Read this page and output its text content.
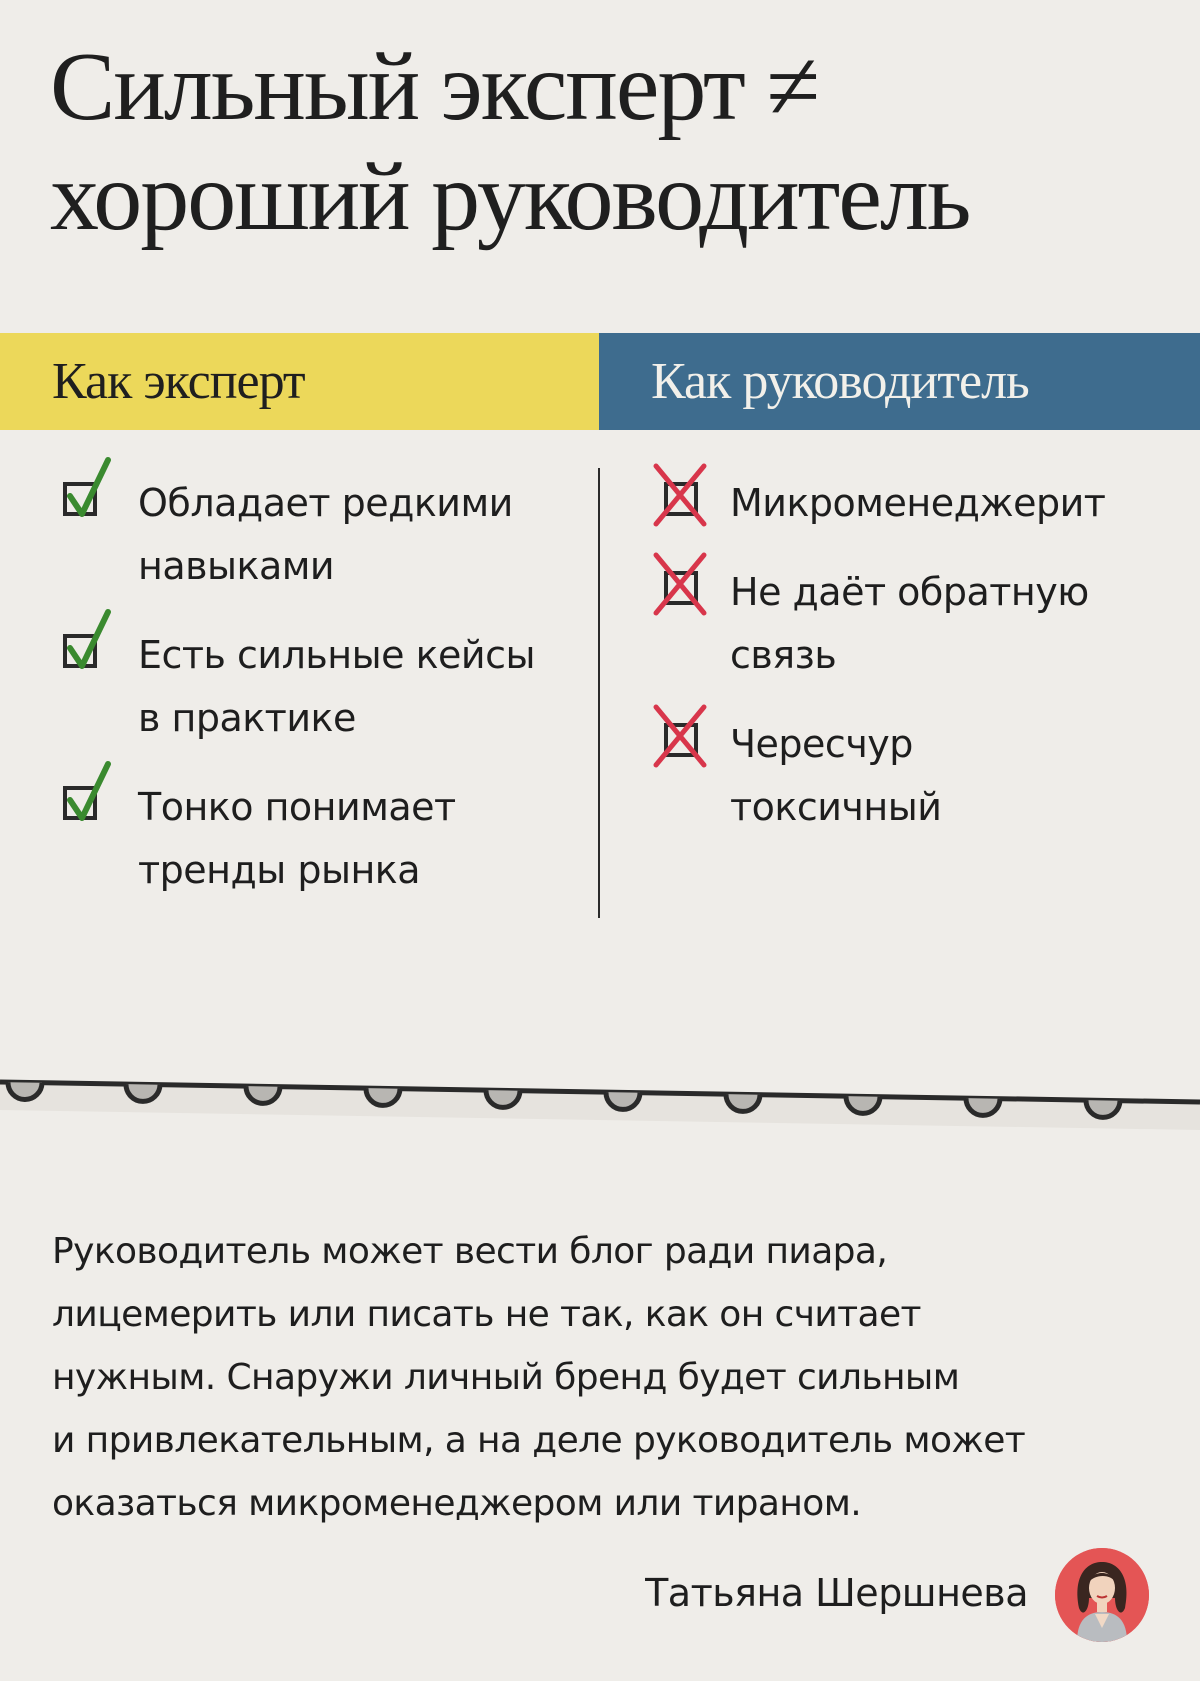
Сильный эксперт ≠
хороший руководитель
Как эксперт	Как руководитель
Обладает редкими
навыками
Есть сильные кейсы
в практике
Тонко понимает
тренды рынка
Микроменеджерит
Не даёт обратную
связь
Чересчур
токсичный
Руководитель может вести блог ради пиара,
лицемерить или писать не так, как он считает
нужным. Снаружи личный бренд будет сильным
и привлекательным, а на деле руководитель может
оказаться микроменеджером или тираном.
Татьяна Шершнева
